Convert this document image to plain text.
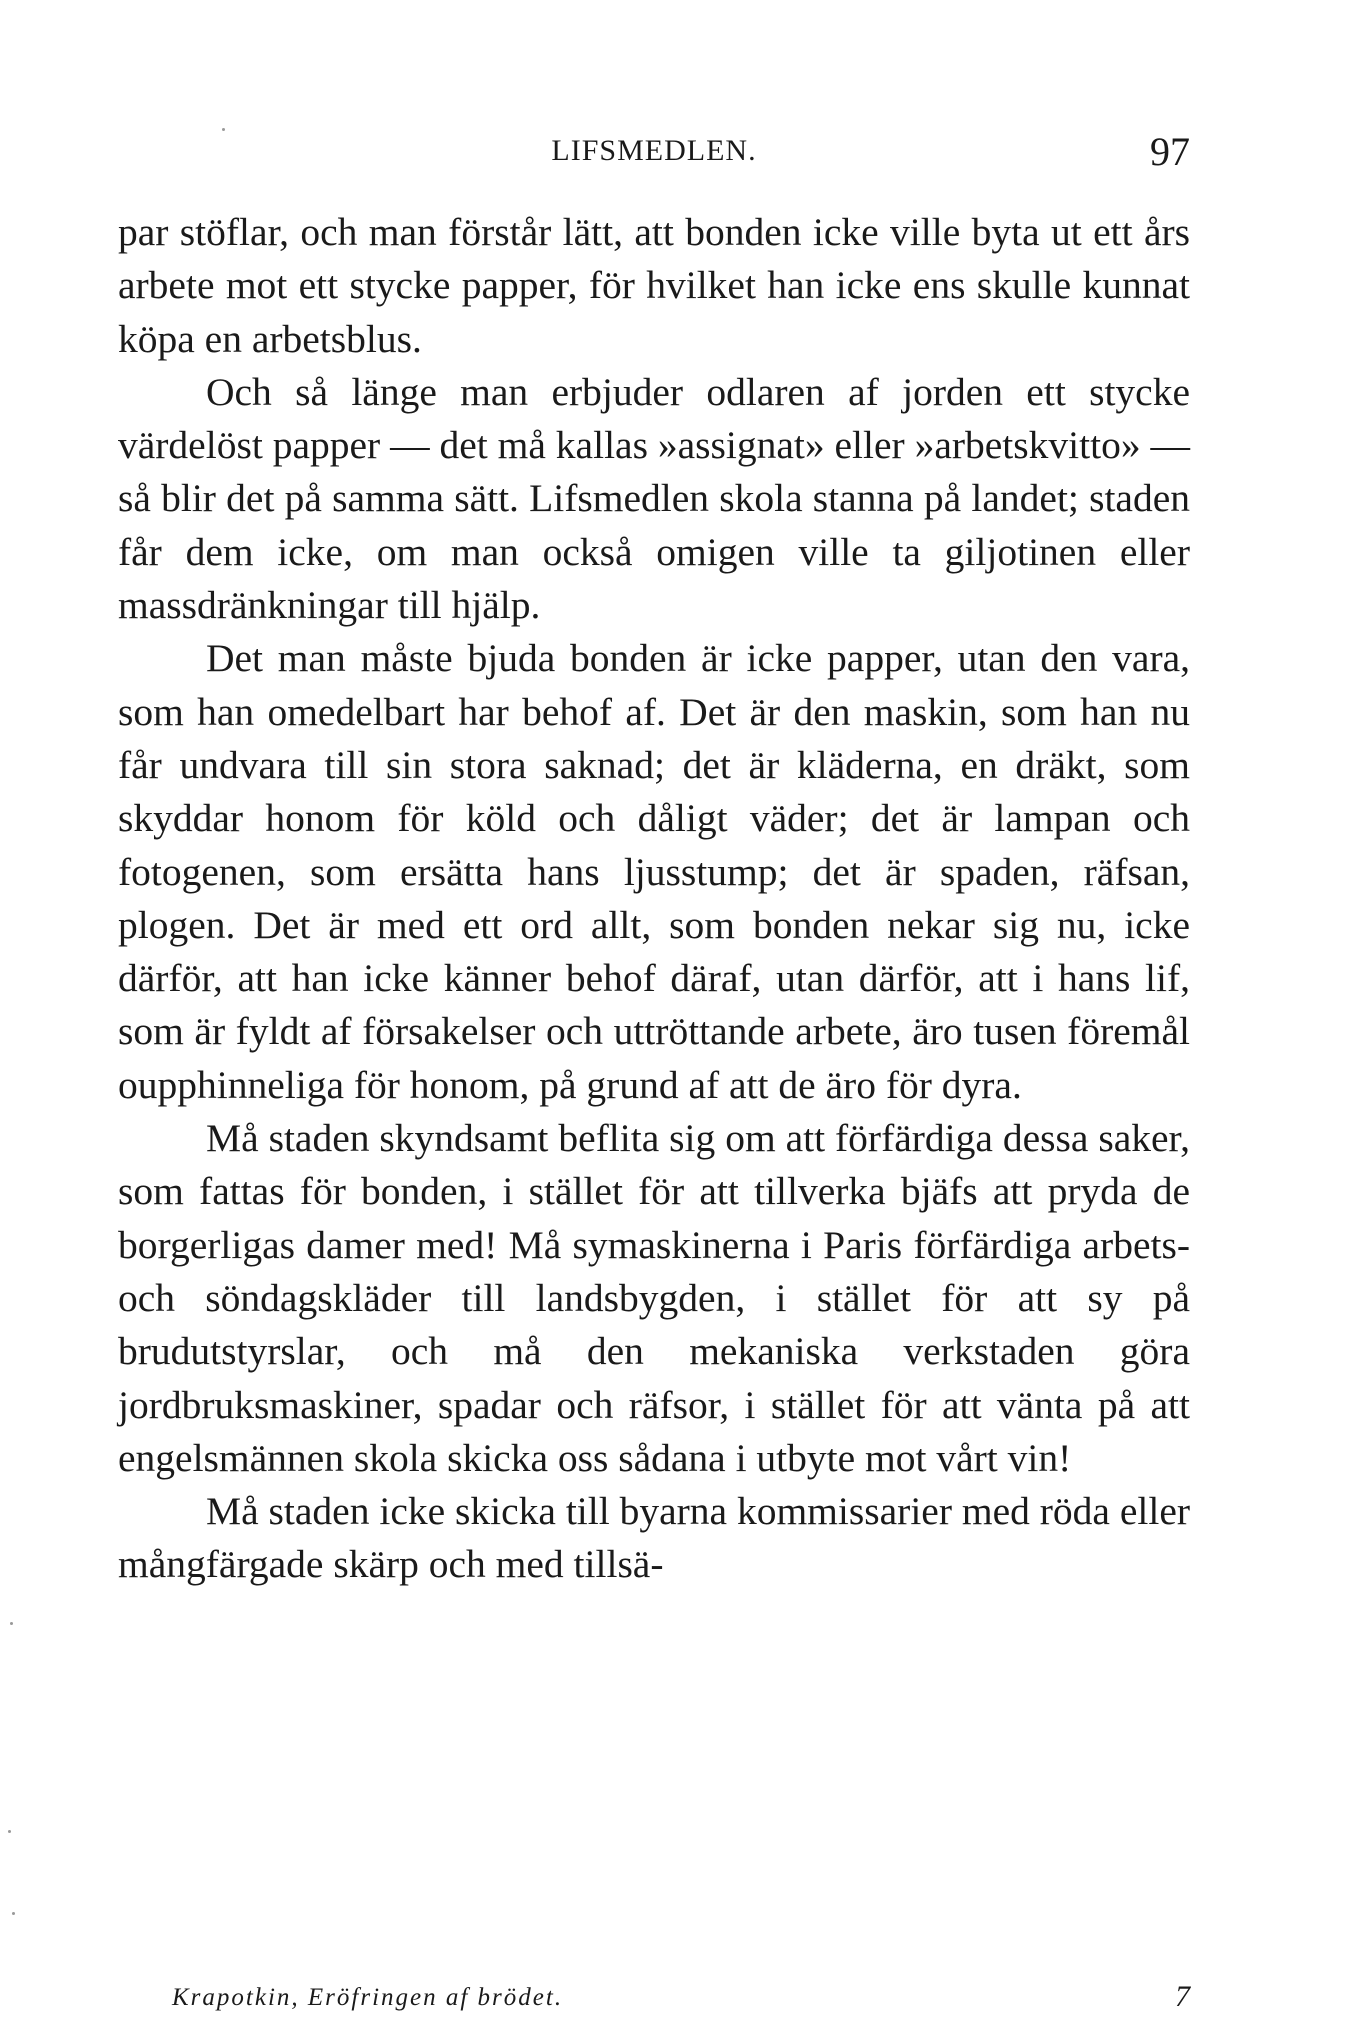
LIFSMEDLEN.	97

par stöflar, och man förstår lätt, att bonden icke ville byta ut ett års arbete mot ett stycke papper, för hvilket han icke ens skulle kunnat köpa en arbetsblus.

Och så länge man erbjuder odlaren af jorden ett stycke värdelöst papper — det må kallas »assignat» eller »arbetskvitto» — så blir det på samma sätt. Lifsmedlen skola stanna på landet; staden får dem icke, om man också omigen ville ta giljotinen eller massdränkningar till hjälp.

Det man måste bjuda bonden är icke papper, utan den vara, som han omedelbart har behof af. Det är den maskin, som han nu får undvara till sin stora saknad; det är kläderna, en dräkt, som skyddar honom för köld och dåligt väder; det är lampan och fotogenen, som ersätta hans ljusstump; det är spaden, räfsan, plogen. Det är med ett ord allt, som bonden nekar sig nu, icke därför, att han icke känner behof däraf, utan därför, att i hans lif, som är fyldt af försakelser och uttröttande arbete, äro tusen föremål oupphinneliga för honom, på grund af att de äro för dyra.

Må staden skyndsamt beflita sig om att förfärdiga dessa saker, som fattas för bonden, i stället för att tillverka bjäfs att pryda de borgerligas damer med! Må symaskinerna i Paris förfärdiga arbets- och söndagskläder till landsbygden, i stället för att sy på brudutstyrslar, och må den mekaniska verkstaden göra jordbruksmaskiner, spadar och räfsor, i stället för att vänta på att engelsmännen skola skicka oss sådana i utbyte mot vårt vin!

Må staden icke skicka till byarna kommissarier med röda eller mångfärgade skärp och med tillsä-

Krapotkin, Eröfringen af brödet.	7
